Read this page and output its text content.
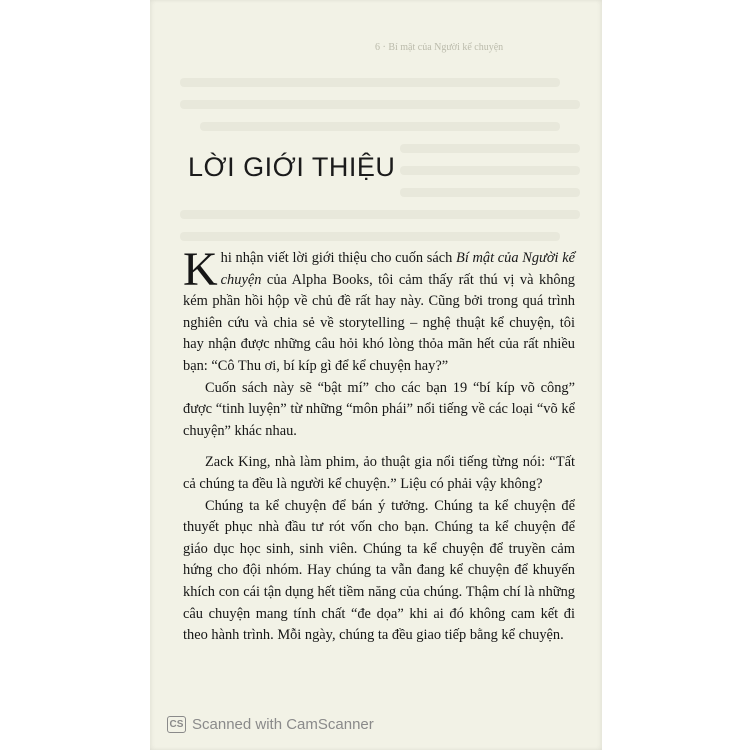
6 · Bí mật của Người kể chuyện
LỜI GIỚI THIỆU

Khi nhận viết lời giới thiệu cho cuốn sách Bí mật của Người kể chuyện của Alpha Books, tôi cảm thấy rất thú vị và không kém phần hồi hộp về chủ đề rất hay này. Cũng bởi trong quá trình nghiên cứu và chia sẻ về storytelling – nghệ thuật kể chuyện, tôi hay nhận được những câu hỏi khó lòng thỏa mãn hết của rất nhiều bạn: “Cô Thu ơi, bí kíp gì để kể chuyện hay?”

Cuốn sách này sẽ “bật mí” cho các bạn 19 “bí kíp võ công” được “tinh luyện” từ những “môn phái” nổi tiếng về các loại “võ kể chuyện” khác nhau.

Zack King, nhà làm phim, ảo thuật gia nổi tiếng từng nói: “Tất cả chúng ta đều là người kể chuyện.” Liệu có phải vậy không?

Chúng ta kể chuyện để bán ý tưởng. Chúng ta kể chuyện để thuyết phục nhà đầu tư rót vốn cho bạn. Chúng ta kể chuyện để giáo dục học sinh, sinh viên. Chúng ta kể chuyện để truyền cảm hứng cho đội nhóm. Hay chúng ta vẫn đang kể chuyện để khuyến khích con cái tận dụng hết tiềm năng của chúng. Thậm chí là những câu chuyện mang tính chất “đe dọa” khi ai đó không cam kết đi theo hành trình. Mỗi ngày, chúng ta đều giao tiếp bằng kể chuyện.

CS Scanned with CamScanner
